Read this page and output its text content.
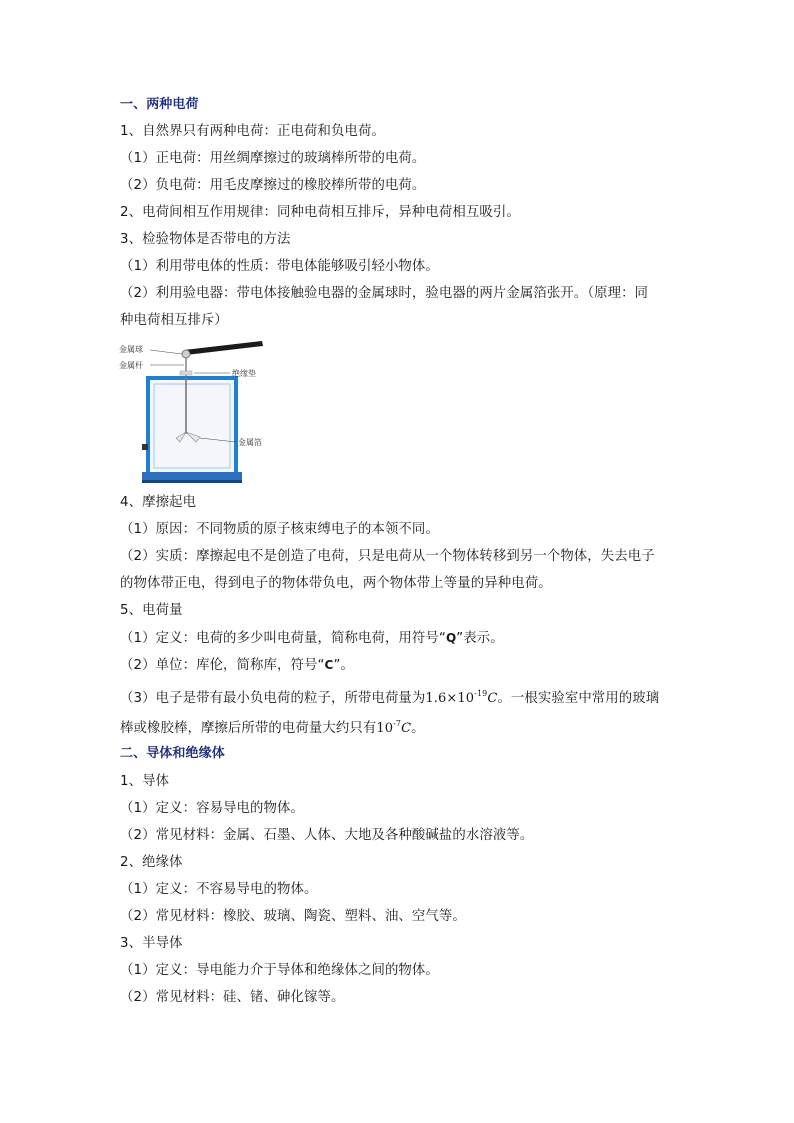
一、两种电荷
1、自然界只有两种电荷：正电荷和负电荷。
（1）正电荷：用丝绸摩擦过的玻璃棒所带的电荷。
（2）负电荷：用毛皮摩擦过的橡胶棒所带的电荷。
2、电荷间相互作用规律：同种电荷相互排斥，异种电荷相互吸引。
3、检验物体是否带电的方法
（1）利用带电体的性质：带电体能够吸引轻小物体。
（2）利用验电器：带电体接触验电器的金属球时，验电器的两片金属箔张开。（原理：同
种电荷相互排斥）
金属球
金属杆
绝缘垫
金属箔
4、摩擦起电
（1）原因：不同物质的原子核束缚电子的本领不同。
（2）实质：摩擦起电不是创造了电荷，只是电荷从一个物体转移到另一个物体，失去电子
的物体带正电，得到电子的物体带负电，两个物体带上等量的异种电荷。
5、电荷量
（1）定义：电荷的多少叫电荷量，简称电荷，用符号“Q”表示。
（2）单位：库伦，简称库，符号“C”。
（3）电子是带有最小负电荷的粒子，所带电荷量为$1.6\times 10^{-19}C$。一根实验室中常用的玻璃
棒或橡胶棒，摩擦后所带的电荷量大约只有$10^{-7}C$。
二、导体和绝缘体
1、导体
（1）定义：容易导电的物体。
（2）常见材料：金属、石墨、人体、大地及各种酸碱盐的水溶液等。
2、绝缘体
（1）定义：不容易导电的物体。
（2）常见材料：橡胶、玻璃、陶瓷、塑料、油、空气等。
3、半导体
（1）定义：导电能力介于导体和绝缘体之间的物体。
（2）常见材料：硅、锗、砷化镓等。
